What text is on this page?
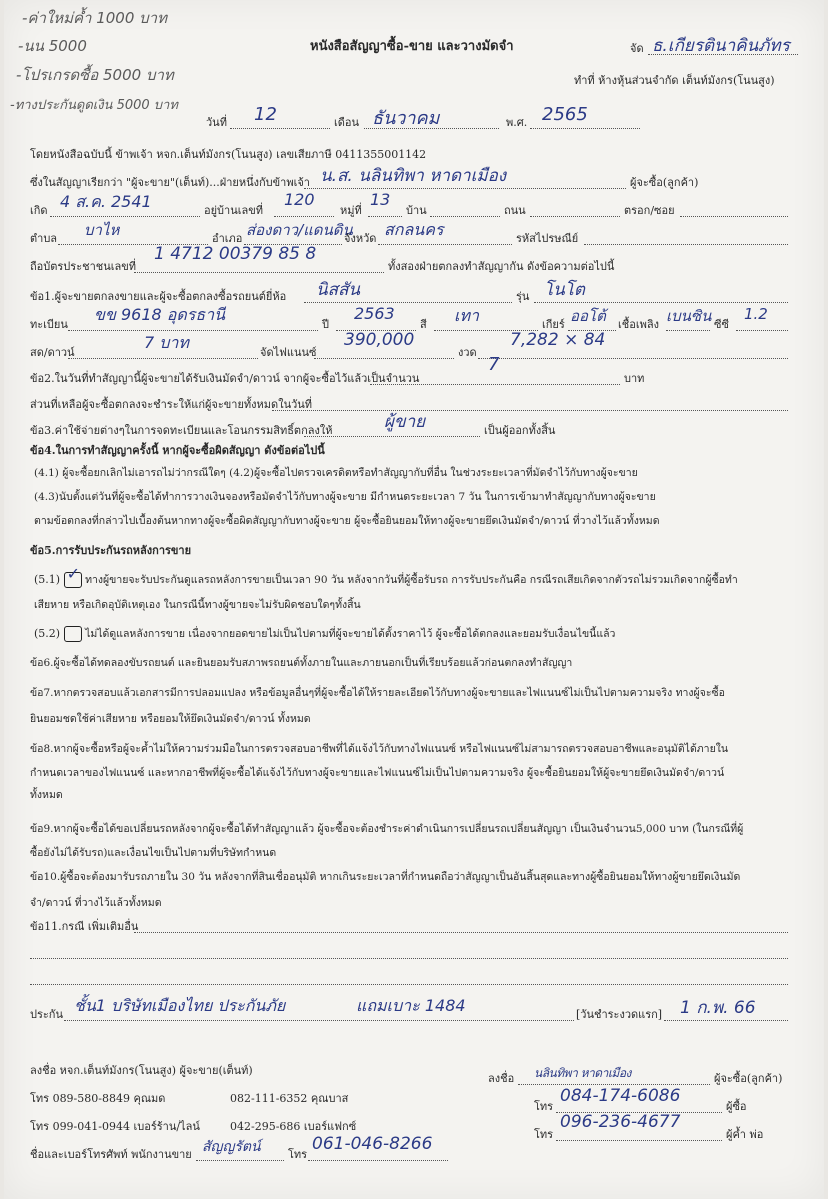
-ค่าใหม่ค้ำ 1000 บาท
-นน 5000
-โปรเกรดซื้อ 5000 บาท
-ทางประกันดูดเงิน 5000 บาท
หนังสือสัญญาซื้อ-ขาย และวางมัดจำ	จัด ธ.เกียรตินาคินภัทร
ทำที่ ห้างหุ้นส่วนจำกัด เต็นท์มังกร(โนนสูง)
วันที่ 12	เดือน ธันวาคม	พ.ศ. 2565
โดยหนังสือฉบับนี้ ข้าพเจ้า หจก.เต็นท์มังกร(โนนสูง) เลขเสียภาษี 0411355001142
ซึ่งในสัญญาเรียกว่า "ผู้จะขาย"(เต็นท์)...ฝ่ายหนึ่งกับข้าพเจ้า น.ส. นลินทิพา หาดาเมือง	ผู้จะซื้อ(ลูกค้า)
เกิด 4 ส.ค. 2541	อยู่บ้านเลขที่
120
หมู่ที่
13
บ้าน	ถนน	ตรอก/ซอย
ตำบล บาไห	อำเภอ ส่องดาว/แดนดิน
จังหวัด สกลนคร	รหัสไปรษณีย์
ถือบัตรประชาชนเลขที่
1 4712 00379 85 8
ทั้งสองฝ่ายตกลงทำสัญญากัน ดังข้อความต่อไปนี้
ข้อ1.ผู้จะขายตกลงขายและผู้จะซื้อตกลงซื้อรถยนต์ยี่ห้อ นิสสัน	รุ่น โนโต
ทะเบียน
ขข 9618 อุดรธานี
ปี
2563
สี เทา	เกียร์ ออโต้ เชื้อเพลิง เบนซิน ซีซี
1.2
สด/ดาวน์
7 บาท
จัดไฟแนนซ์
390,000
งวด
7,282 × 84
ข้อ2.ในวันที่ทำสัญญานี้ผู้จะขายได้รับเงินมัดจำ/ดาวน์ จากผู้จะซื้อไว้แล้วเป็นจำนวน
7
บาท
ส่วนที่เหลือผู้จะซื้อตกลงจะชำระให้แก่ผู้จะขายทั้งหมดในวันที่
ข้อ3.ค่าใช้จ่ายต่างๆในการจดทะเบียนและโอนกรรมสิทธิ์ตกลงให้	ผู้ขาย	เป็นผู้ออกทั้งสิ้น
ข้อ4.ในการทำสัญญาครั้งนี้ หากผู้จะซื้อผิดสัญญา ดังข้อต่อไปนี้
(4.1) ผู้จะซื้อยกเลิกไม่เอารถไม่ว่ากรณีใดๆ (4.2)ผู้จะซื้อไปตรวจเครดิตหรือทำสัญญากับที่อื่น ในช่วงระยะเวลาที่มัดจำไว้กับทางผู้จะขาย
(4.3)นับตั้งแต่วันที่ผู้จะซื้อได้ทำการวางเงินจองหรือมัดจำไว้กับทางผู้จะขาย มีกำหนดระยะเวลา 7 วัน ในการเข้ามาทำสัญญากับทางผู้จะขาย
ตามข้อตกลงที่กล่าวไปเบื้องต้นหากทางผู้จะซื้อผิดสัญญากับทางผู้จะขาย ผู้จะซื้อยินยอมให้ทางผู้จะขายยึดเงินมัดจำ/ดาวน์ ที่วางไว้แล้วทั้งหมด
ข้อ5.การรับประกันรถหลังการขาย
(5.1) ✓ ทางผู้ขายจะรับประกันดูแลรถหลังการขายเป็นเวลา 90 วัน หลังจากวันที่ผู้ซื้อรับรถ การรับประกันคือ กรณีรถเสียเกิดจากตัวรถไม่รวมเกิดจากผู้ซื้อทำ
เสียหาย หรือเกิดอุบัติเหตุเอง ในกรณีนี้ทางผู้ขายจะไม่รับผิดชอบใดๆทั้งสิ้น
(5.2) ไม่ได้ดูแลหลังการขาย เนื่องจากยอดขายไม่เป็นไปตามที่ผู้จะขายได้ตั้งราคาไว้ ผู้จะซื้อได้ตกลงและยอมรับเงื่อนไขนี้แล้ว
ข้อ6.ผู้จะซื้อได้ทดลองขับรถยนต์ และยินยอมรับสภาพรถยนต์ทั้งภายในและภายนอกเป็นที่เรียบร้อยแล้วก่อนตกลงทำสัญญา
ข้อ7.หากตรวจสอบแล้วเอกสารมีการปลอมแปลง หรือข้อมูลอื่นๆที่ผู้จะซื้อได้ให้รายละเอียดไว้กับทางผู้จะขายและไฟแนนซ์ไม่เป็นไปตามความจริง ทางผู้จะซื้อ
ยินยอมชดใช้ค่าเสียหาย หรือยอมให้ยึดเงินมัดจำ/ดาวน์ ทั้งหมด
ข้อ8.หากผู้จะซื้อหรือผู้จะค้ำไม่ให้ความร่วมมือในการตรวจสอบอาชีพที่ได้แจ้งไว้กับทางไฟแนนซ์ หรือไฟแนนซ์ไม่สามารถตรวจสอบอาชีพและอนุมัติได้ภายใน
กำหนดเวลาของไฟแนนซ์ และหากอาชีพที่ผู้จะซื้อได้แจ้งไว้กับทางผู้จะขายและไฟแนนซ์ไม่เป็นไปตามความจริง ผู้จะซื้อยินยอมให้ผู้จะขายยึดเงินมัดจำ/ดาวน์
ทั้งหมด
ข้อ9.หากผู้จะซื้อได้ขอเปลี่ยนรถหลังจากผู้จะซื้อได้ทำสัญญาแล้ว ผู้จะซื้อจะต้องชำระค่าดำเนินการเปลี่ยนรถเปลี่ยนสัญญา เป็นเงินจำนวน5,000 บาท (ในกรณีที่ผู้
ซื้อยังไม่ได้รับรถ)และเงื่อนไขเป็นไปตามที่บริษัทกำหนด
ข้อ10.ผู้ซื้อจะต้องมารับรถภายใน 30 วัน หลังจากที่สินเชื่ออนุมัติ หากเกินระยะเวลาที่กำหนดถือว่าสัญญาเป็นอันสิ้นสุดและทางผู้ซื้อยินยอมให้ทางผู้ขายยึดเงินมัด
จำ/ดาวน์ ที่วางไว้แล้วทั้งหมด
ข้อ11.กรณี เพิ่มเติมอื่น
ประกัน ชั้น1 บริษัทเมืองไทย ประกันภัย	แถมเบาะ 1484	[วันชำระงวดแรก] 1 ก.พ. 66
ลงชื่อ หจก.เต็นท์มังกร(โนนสูง) ผู้จะขาย(เต็นท์)
โทร 089-580-8849 คุณมด	082-111-6352 คุณบาส
โทร 099-041-0944 เบอร์ร้าน/ไลน์	042-295-686 เบอร์แฟกซ์
ชื่อและเบอร์โทรศัพท์ พนักงานขาย สัญญรัตน์ โทร
061-046-8266
ลงชื่อ นลินทิพา หาดาเมือง	ผู้จะซื้อ(ลูกค้า)
โทร
084-174-6086
ผู้ซื้อ
โทร
096-236-4677
ผู้ค้ำ พ่อ
